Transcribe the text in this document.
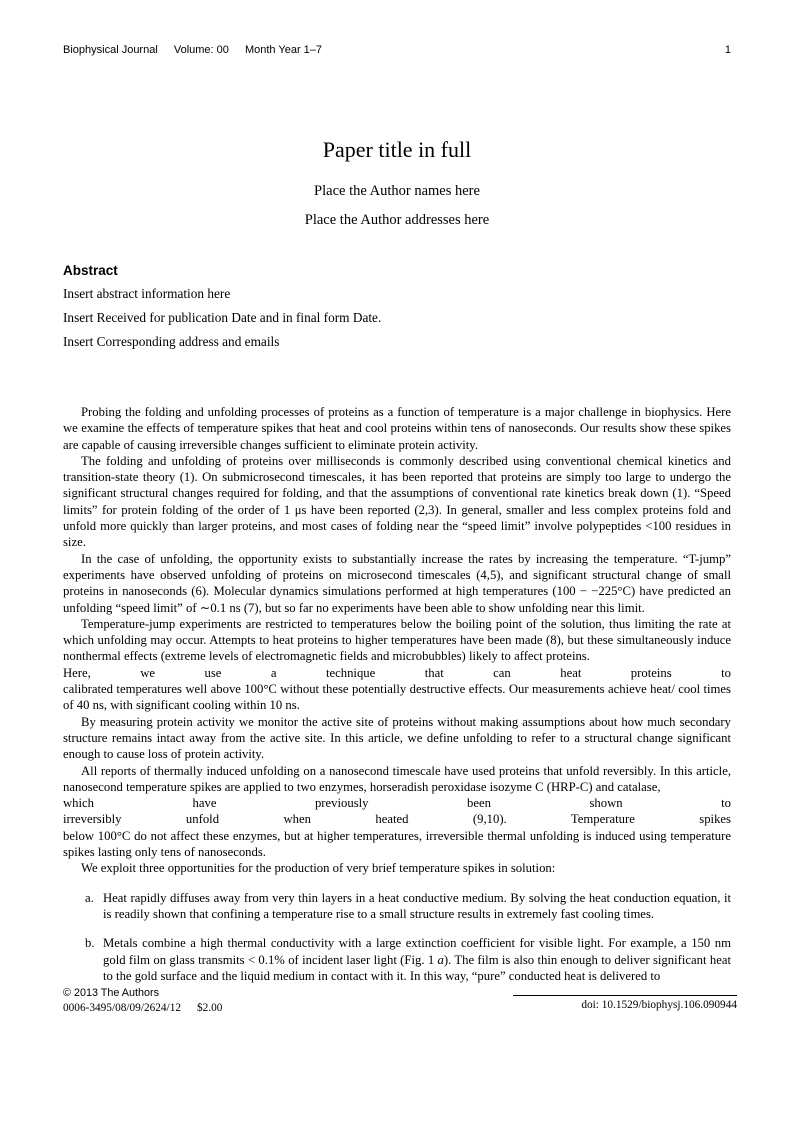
Biophysical Journal Volume: 00 Month Year 1–7	1
Paper title in full
Place the Author names here
Place the Author addresses here
Abstract

Insert abstract information here

Insert Received for publication Date and in final form Date.

Insert Corresponding address and emails

Probing the folding and unfolding processes of proteins as a function of temperature is a major challenge in biophysics. Here we examine the effects of temperature spikes that heat and cool proteins within tens of nanoseconds. Our results show these spikes are capable of causing irreversible changes sufficient to eliminate protein activity.

The folding and unfolding of proteins over milliseconds is commonly described using conventional chemical kinetics and transition-state theory (1). On submicrosecond timescales, it has been reported that proteins are simply too large to undergo the significant structural changes required for folding, and that the assumptions of conventional rate kinetics break down (1). “Speed limits” for protein folding of the order of 1 μs have been reported (2,3). In general, smaller and less complex proteins fold and unfold more quickly than larger proteins, and most cases of folding near the “speed limit” involve polypeptides <100 residues in size.

In the case of unfolding, the opportunity exists to substantially increase the rates by increasing the temperature. “T-jump” experiments have observed unfolding of proteins on microsecond timescales (4,5), and significant structural change of small proteins in nanoseconds (6). Molecular dynamics simulations performed at high temperatures (100 − −225°C) have predicted an unfolding “speed limit” of ∼0.1 ns (7), but so far no experiments have been able to show unfolding near this limit.

Temperature-jump experiments are restricted to temperatures below the boiling point of the solution, thus limiting the rate at which unfolding may occur. Attempts to heat proteins to higher temperatures have been made (8), but these simultaneously induce nonthermal effects (extreme levels of electromagnetic fields and microbubbles) likely to affect proteins.
Here, we use a technique that can heat proteins to
calibrated temperatures well above 100°C without these potentially destructive effects. Our measurements achieve heat/ cool times of 40 ns, with significant cooling within 10 ns.

By measuring protein activity we monitor the active site of proteins without making assumptions about how much secondary structure remains intact away from the active site. In this article, we define unfolding to refer to a structural change significant enough to cause loss of protein activity.

All reports of thermally induced unfolding on a nanosecond timescale have used proteins that unfold reversibly. In this article, nanosecond temperature spikes are applied to two enzymes, horseradish peroxidase isozyme C (HRP-C) and catalase,
which have previously been shown to
irreversibly unfold when heated (9,10). Temperature spikes
below 100°C do not affect these enzymes, but at higher temperatures, irreversible thermal unfolding is induced using temperature spikes lasting only tens of nanoseconds.

We exploit three opportunities for the production of very brief temperature spikes in solution:

a. Heat rapidly diffuses away from very thin layers in a heat conductive medium. By solving the heat conduction equation, it is readily shown that confining a temperature rise to a small structure results in extremely fast cooling times.
b. Metals combine a high thermal conductivity with a large extinction coefficient for visible light. For example, a 150 nm gold film on glass transmits < 0.1% of incident laser light (Fig. 1 a). The film is also thin enough to deliver significant heat to the gold surface and the liquid medium in contact with it. In this way, “pure” conducted heat is delivered to
© 2013 The Authors
0006-3495/08/09/2624/12 $2.00	doi: 10.1529/biophysj.106.090944
